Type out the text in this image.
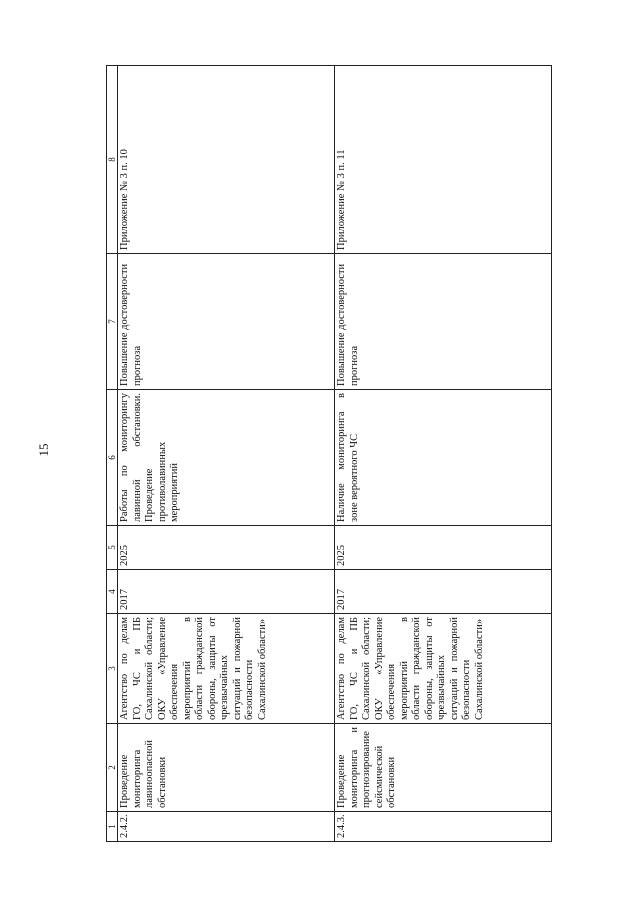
15
1	2	3	4	5	6	7	8
2.4.2.	Проведение мониторинга лавиноопасной обстановки	Агентство по делам ГО, ЧС и ПБ Сахалинской области; ОКУ «Управление обеспечения мероприятий в области гражданской обороны, защиты от чрезвычайных ситуаций и пожарной безопасности Сахалинской области»	2017	2025	Работы по мониторингу лавинной обстановки. Проведение противолавинных мероприятий	Повышение достоверности прогноза	Приложение № 3 п. 10
2.4.3.	Проведение мониторинга и прогнозирование сейсмической обстановки	Агентство по делам ГО, ЧС и ПБ Сахалинской области; ОКУ «Управление обеспечения мероприятий в области гражданской обороны, защиты от чрезвычайных ситуаций и пожарной безопасности Сахалинской области»	2017	2025	Наличие мониторинга в зоне вероятного ЧС	Повышение достоверности прогноза	Приложение № 3 п. 11
